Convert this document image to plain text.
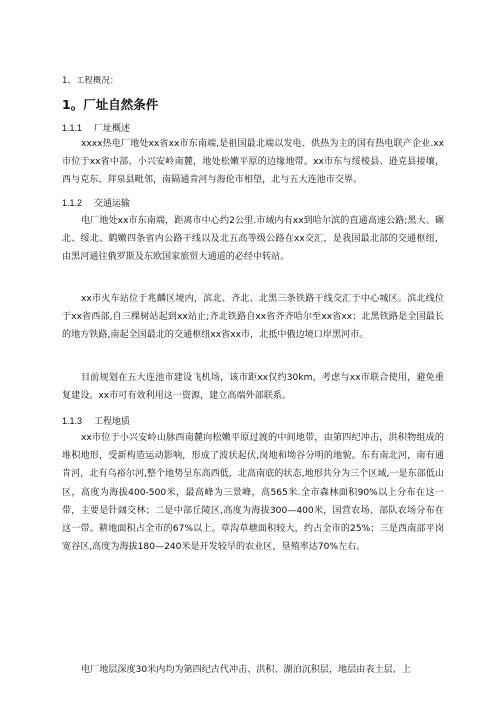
1、工程概况：
1。厂址自然条件
1.1.1 厂址概述

xxxx热电厂地处xx省xx市东南端,是祖国最北端以发电、供热为主的国有热电联产企业.xx市位于xx省中部、小兴安岭南麓，地处松嫩平原的边缘地带。xx市东与绥棱县、逊克县接壤，西与克东、拜泉县毗邻，南隔通肯河与海伦市相望，北与五大连池市交界。

1.1.2 交通运输

电厂地处xx市东南端，距离市中心约2公里.市域内有xx到哈尔滨的直通高速公路;黑大、碾北、绥北、鹤嫩四条省内公路干线以及北五高等级公路在xx交汇，是我国最北部的交通枢纽，由黑河通往俄罗斯及东欧国家旅贸大通道的必经中转站。

xx市火车站位于兆麟区境内，滨北、齐北、北黑三条铁路干线交汇于中心城区。滨北线位于xx省西部,自三棵树站起到xx站止;齐北铁路自xx省齐齐哈尔至xx省xx；北黑铁路是全国最长的地方铁路,南起全国最北的交通枢纽xx省xx市，北抵中俄边境口岸黑河市。

目前规划在五大连池市建设飞机场，该市距xx仅约30km，考虑与xx市联合使用，避免重复建设。xx市可有效利用这一资源，建立高端外部联系。

1.1.3 工程地质

xx市位于小兴安岭山脉西南麓向松嫩平原过渡的中间地带，由第四纪冲击，洪积物组成的堆积地形，受新构造运动影响，形成了波状起伏,岗地和坳谷分明的地貌。东有南北河，南有通肯河，北有乌裕尔河,整个地势呈东高西低，北高南底的状态,地形共分为三个区域,一是东部低山区，高度为海拔400-500米，最高峰为三景峰，高565米.全市森林面积90%以上分布在这一带，主要是针阔交林；二是中部丘陵区,高度为海拔300—400米，国营农场、部队农场分布在这一带。耕地面积占全市的67%以上。草沟草塘面积较大，约占全市的25%；三是西南部平岗宽谷区,高度为海拔180—240米是开发较早的农业区，垦殖率达70%左右。

电厂地层深度30米内均为第四纪古代冲击、洪积、湖泊沉积层，地层由表土层、上
